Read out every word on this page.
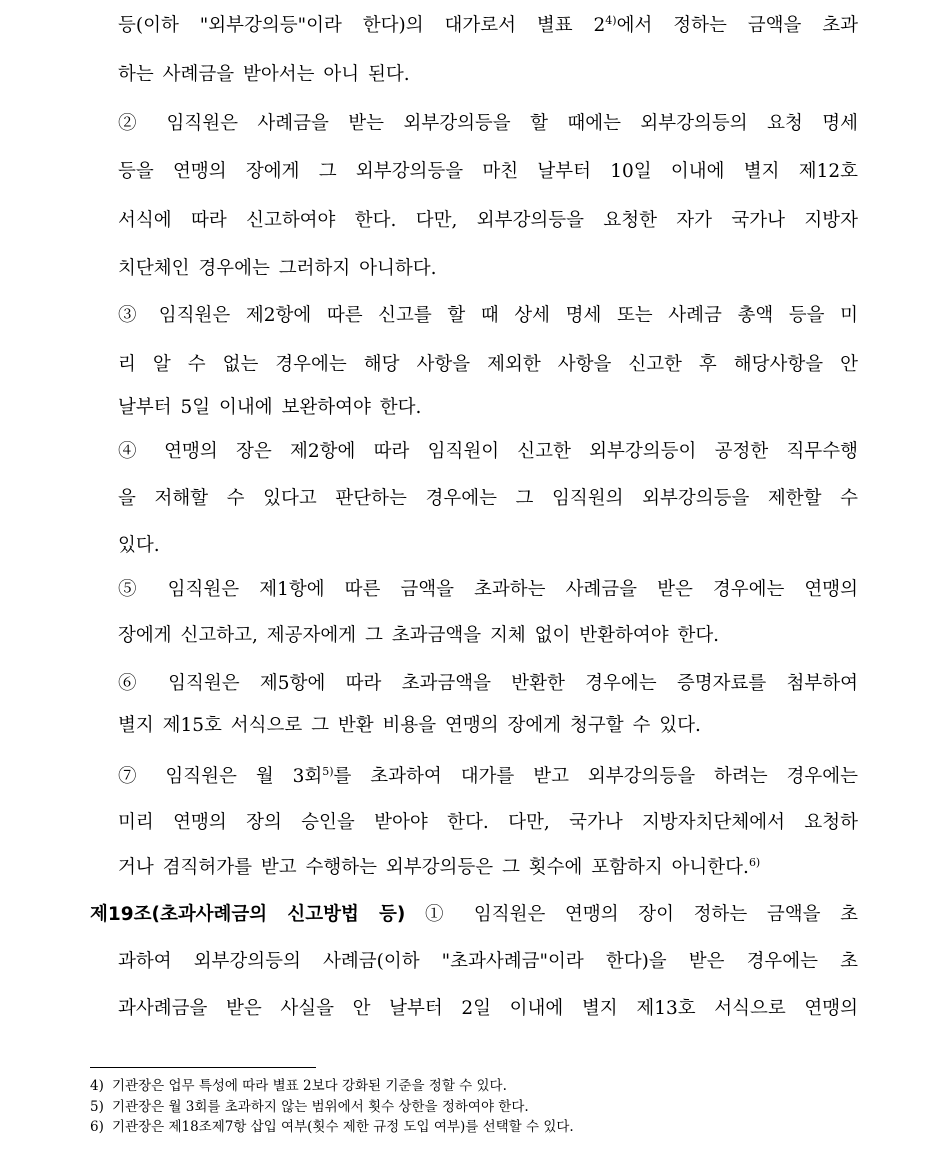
등(이하 "외부강의등"이라 한다)의 대가로서 별표 2$^{4)}$에서 정하는 금액을 초과
하는 사례금을 받아서는 아니 된다.
② 임직원은 사례금을 받는 외부강의등을 할 때에는 외부강의등의 요청 명세
등을 연맹의 장에게 그 외부강의등을 마친 날부터 10일 이내에 별지 제12호
서식에 따라 신고하여야 한다. 다만, 외부강의등을 요청한 자가 국가나 지방자
치단체인 경우에는 그러하지 아니하다.
③ 임직원은 제2항에 따른 신고를 할 때 상세 명세 또는 사례금 총액 등을 미
리 알 수 없는 경우에는 해당 사항을 제외한 사항을 신고한 후 해당사항을 안
날부터 5일 이내에 보완하여야 한다.
④ 연맹의 장은 제2항에 따라 임직원이 신고한 외부강의등이 공정한 직무수행
을 저해할 수 있다고 판단하는 경우에는 그 임직원의 외부강의등을 제한할 수
있다.
⑤ 임직원은 제1항에 따른 금액을 초과하는 사례금을 받은 경우에는 연맹의
장에게 신고하고, 제공자에게 그 초과금액을 지체 없이 반환하여야 한다.
⑥ 임직원은 제5항에 따라 초과금액을 반환한 경우에는 증명자료를 첨부하여
별지 제15호 서식으로 그 반환 비용을 연맹의 장에게 청구할 수 있다.
⑦ 임직원은 월 3회$^{5)}$를 초과하여 대가를 받고 외부강의등을 하려는 경우에는
미리 연맹의 장의 승인을 받아야 한다. 다만, 국가나 지방자치단체에서 요청하
거나 겸직허가를 받고 수행하는 외부강의등은 그 횟수에 포함하지 아니한다.$^{6)}$
제19조(초과사례금의 신고방법 등) ① 임직원은 연맹의 장이 정하는 금액을 초
과하여 외부강의등의 사례금(이하 "초과사례금"이라 한다)을 받은 경우에는 초
과사례금을 받은 사실을 안 날부터 2일 이내에 별지 제13호 서식으로 연맹의
4) 기관장은 업무 특성에 따라 별표 2보다 강화된 기준을 정할 수 있다.
5) 기관장은 월 3회를 초과하지 않는 범위에서 횟수 상한을 정하여야 한다.
6) 기관장은 제18조제7항 삽입 여부(횟수 제한 규정 도입 여부)를 선택할 수 있다.
